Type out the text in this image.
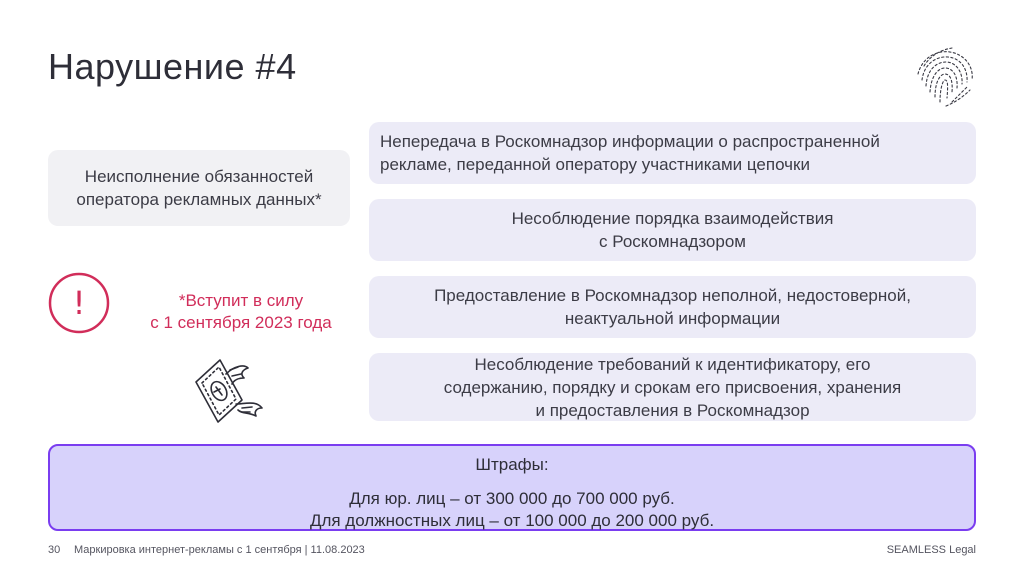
Нарушение #4
Неисполнение обязанностей
оператора рекламных данных*
!	*Вступит в силу
с 1 сентября 2023 года
Непередача в Роскомнадзор информации о распространенной
рекламе, переданной оператору участниками цепочки
Несоблюдение порядка взаимодействия
с Роскомнадзором
Предоставление в Роскомнадзор неполной, недостоверной,
неактуальной информации
Несоблюдение требований к идентификатору, его
содержанию, порядку и срокам его присвоения, хранения
и предоставления в Роскомнадзор
Штрафы:
Для юр. лиц – от 300 000 до 700 000 руб.
Для должностных лиц – от 100 000 до 200 000 руб.
30 Маркировка интернет-рекламы с 1 сентября | 11.08.2023	SEAMLESS Legal
